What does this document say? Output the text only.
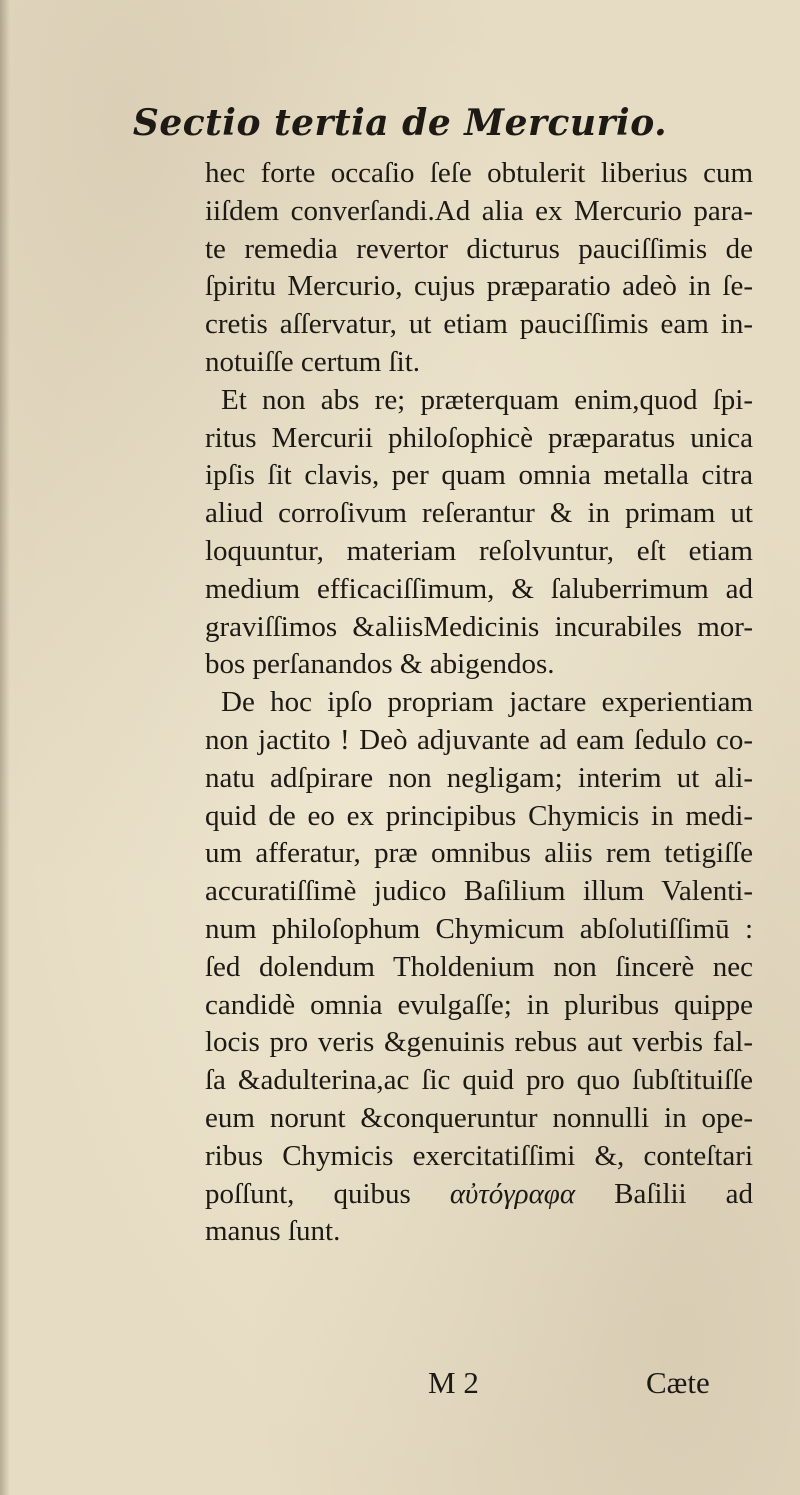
Sectio tertia de Mercurio.
hec forte occaſio ſeſe obtulerit liberius cum
iiſdem converſandi.Ad alia ex Mercurio para-
te remedia revertor dicturus pauciſſimis de
ſpiritu Mercurio, cujus præparatio adeò in ſe-
cretis aſſervatur, ut etiam pauciſſimis eam in-
notuiſſe certum ſit.
Et non abs re; præterquam enim,quod ſpi-
ritus Mercurii philoſophicè præparatus unica
ipſis ſit clavis, per quam omnia metalla citra
aliud corroſivum reſerantur & in primam ut
loquuntur, materiam reſolvuntur, eſt etiam
medium efficaciſſimum, & ſaluberrimum ad
graviſſimos &aliisMedicinis incurabiles mor-
bos perſanandos & abigendos.
De hoc ipſo propriam jactare experientiam
non jactito ! Deò adjuvante ad eam ſedulo co-
natu adſpirare non negligam; interim ut ali-
quid de eo ex principibus Chymicis in medi-
um afferatur, præ omnibus aliis rem tetigiſſe
accuratiſſimè judico Baſilium illum Valenti-
num philoſophum Chymicum abſolutiſſimū :
ſed dolendum Tholdenium non ſincerè nec
candidè omnia evulgaſſe; in pluribus quippe
locis pro veris &genuinis rebus aut verbis fal-
ſa &adulterina,ac ſic quid pro quo ſubſtituiſſe
eum norunt &conqueruntur nonnulli in ope-
ribus Chymicis exercitatiſſimi &, conteſtari
poſſunt, quibus αὐτόγραφα Baſilii ad
manus ſunt.
M 2	Cæte
